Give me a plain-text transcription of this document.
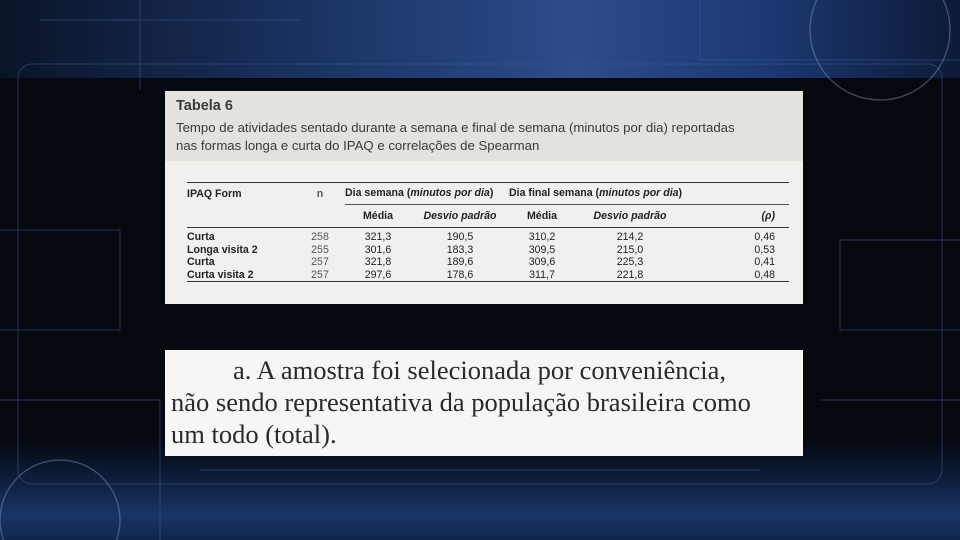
Tabela 6

Tempo de atividades sentado durante a semana e final de semana (minutos por dia) reportadas
nas formas longa e curta do IPAQ e correlações de Spearman

IPAQ Form	n	Dia semana (minutos por dia)		Dia final semana (minutos por dia)		
		Média	Desvio padrão	Média	Desvio padrão	(ρ)
Curta	258	321,3	190,5	310,2	214,2	0,46
Longa visita 2	255	301,6	183,3	309,5	215,0	0,53
Curta	257	321,8	189,6	309,6	225,3	0,41
Curta visita 2	257	297,6	178,6	311,7	221,8	0,48

a. A amostra foi selecionada por conveniência,
não sendo representativa da população brasileira como
um todo (total).
